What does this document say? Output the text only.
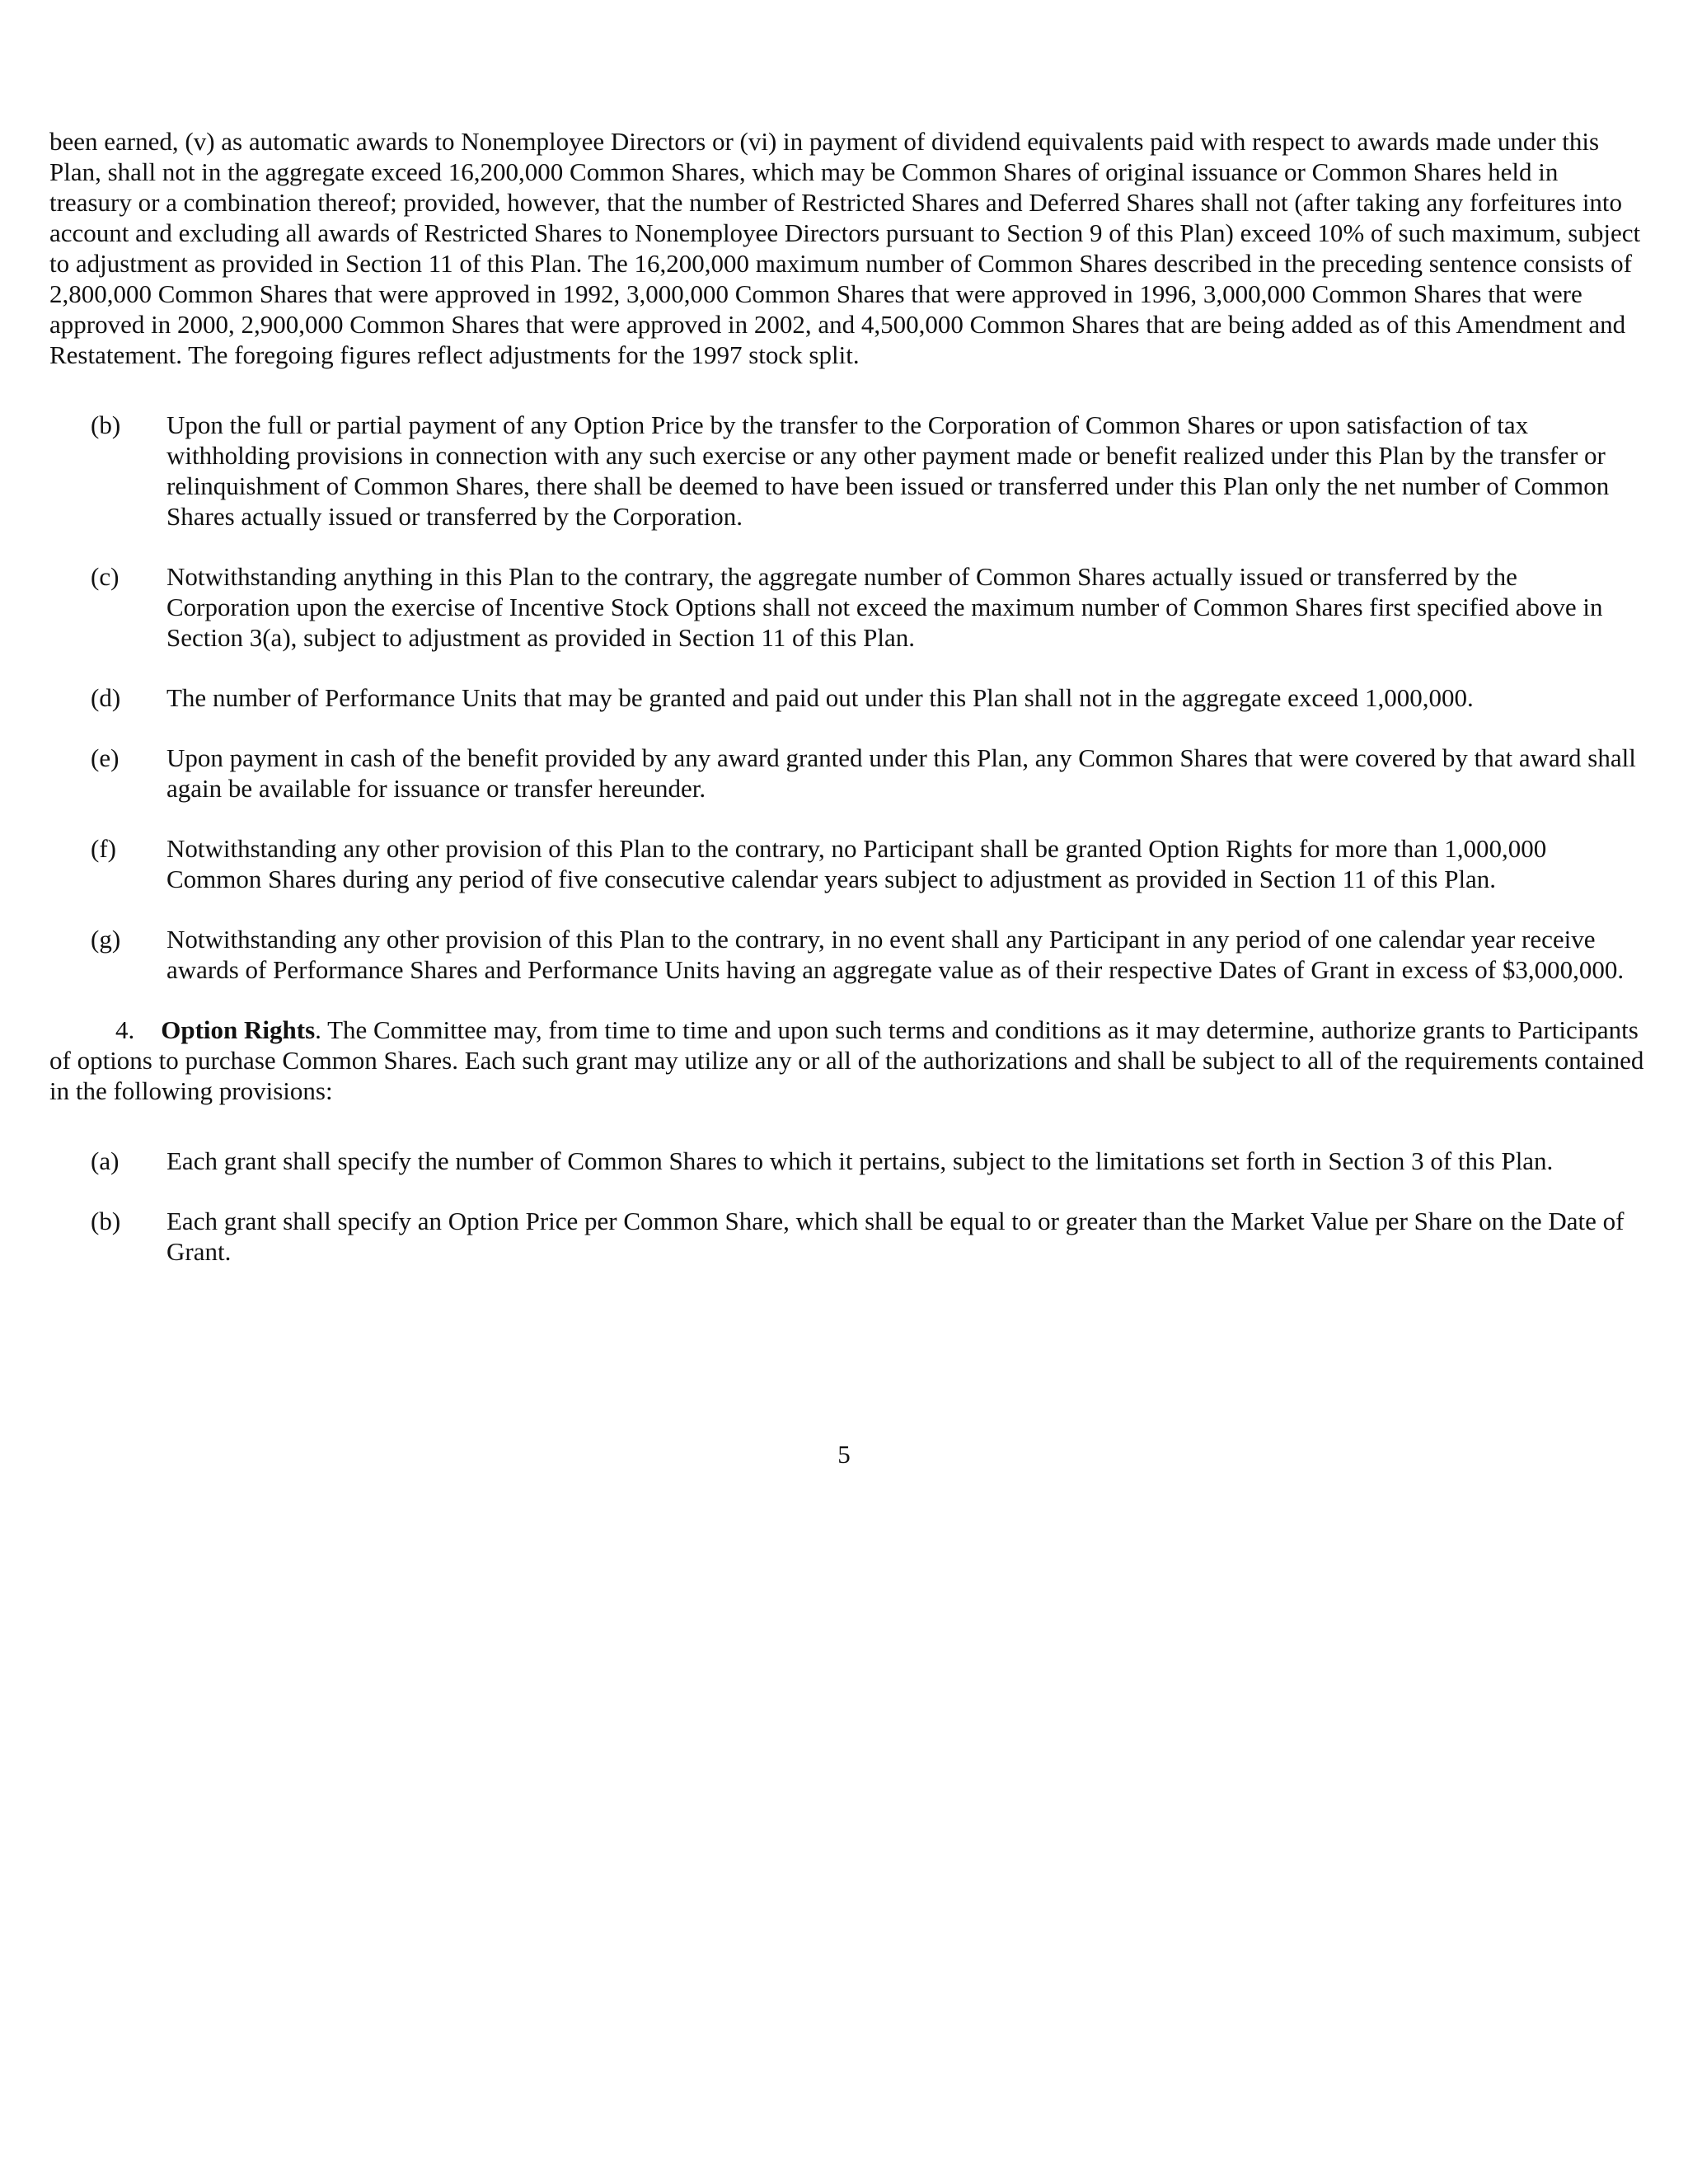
been earned, (v) as automatic awards to Nonemployee Directors or (vi) in payment of dividend equivalents paid with respect to awards made under this Plan, shall not in the aggregate exceed 16,200,000 Common Shares, which may be Common Shares of original issuance or Common Shares held in treasury or a combination thereof; provided, however, that the number of Restricted Shares and Deferred Shares shall not (after taking any forfeitures into account and excluding all awards of Restricted Shares to Nonemployee Directors pursuant to Section 9 of this Plan) exceed 10% of such maximum, subject to adjustment as provided in Section 11 of this Plan. The 16,200,000 maximum number of Common Shares described in the preceding sentence consists of 2,800,000 Common Shares that were approved in 1992, 3,000,000 Common Shares that were approved in 1996, 3,000,000 Common Shares that were approved in 2000, 2,900,000 Common Shares that were approved in 2002, and 4,500,000 Common Shares that are being added as of this Amendment and Restatement. The foregoing figures reflect adjustments for the 1997 stock split.

(b)	Upon the full or partial payment of any Option Price by the transfer to the Corporation of Common Shares or upon satisfaction of tax withholding provisions in connection with any such exercise or any other payment made or benefit realized under this Plan by the transfer or relinquishment of Common Shares, there shall be deemed to have been issued or transferred under this Plan only the net number of Common Shares actually issued or transferred by the Corporation.
(c)	Notwithstanding anything in this Plan to the contrary, the aggregate number of Common Shares actually issued or transferred by the Corporation upon the exercise of Incentive Stock Options shall not exceed the maximum number of Common Shares first specified above in Section 3(a), subject to adjustment as provided in Section 11 of this Plan.
(d)	The number of Performance Units that may be granted and paid out under this Plan shall not in the aggregate exceed 1,000,000.
(e)	Upon payment in cash of the benefit provided by any award granted under this Plan, any Common Shares that were covered by that award shall again be available for issuance or transfer hereunder.
(f)	Notwithstanding any other provision of this Plan to the contrary, no Participant shall be granted Option Rights for more than 1,000,000 Common Shares during any period of five consecutive calendar years subject to adjustment as provided in Section 11 of this Plan.
(g)	Notwithstanding any other provision of this Plan to the contrary, in no event shall any Participant in any period of one calendar year receive awards of Performance Shares and Performance Units having an aggregate value as of their respective Dates of Grant in excess of $3,000,000.

4. Option Rights. The Committee may, from time to time and upon such terms and conditions as it may determine, authorize grants to Participants of options to purchase Common Shares. Each such grant may utilize any or all of the authorizations and shall be subject to all of the requirements contained in the following provisions:

(a)	Each grant shall specify the number of Common Shares to which it pertains, subject to the limitations set forth in Section 3 of this Plan.
(b)	Each grant shall specify an Option Price per Common Share, which shall be equal to or greater than the Market Value per Share on the Date of Grant.
5
